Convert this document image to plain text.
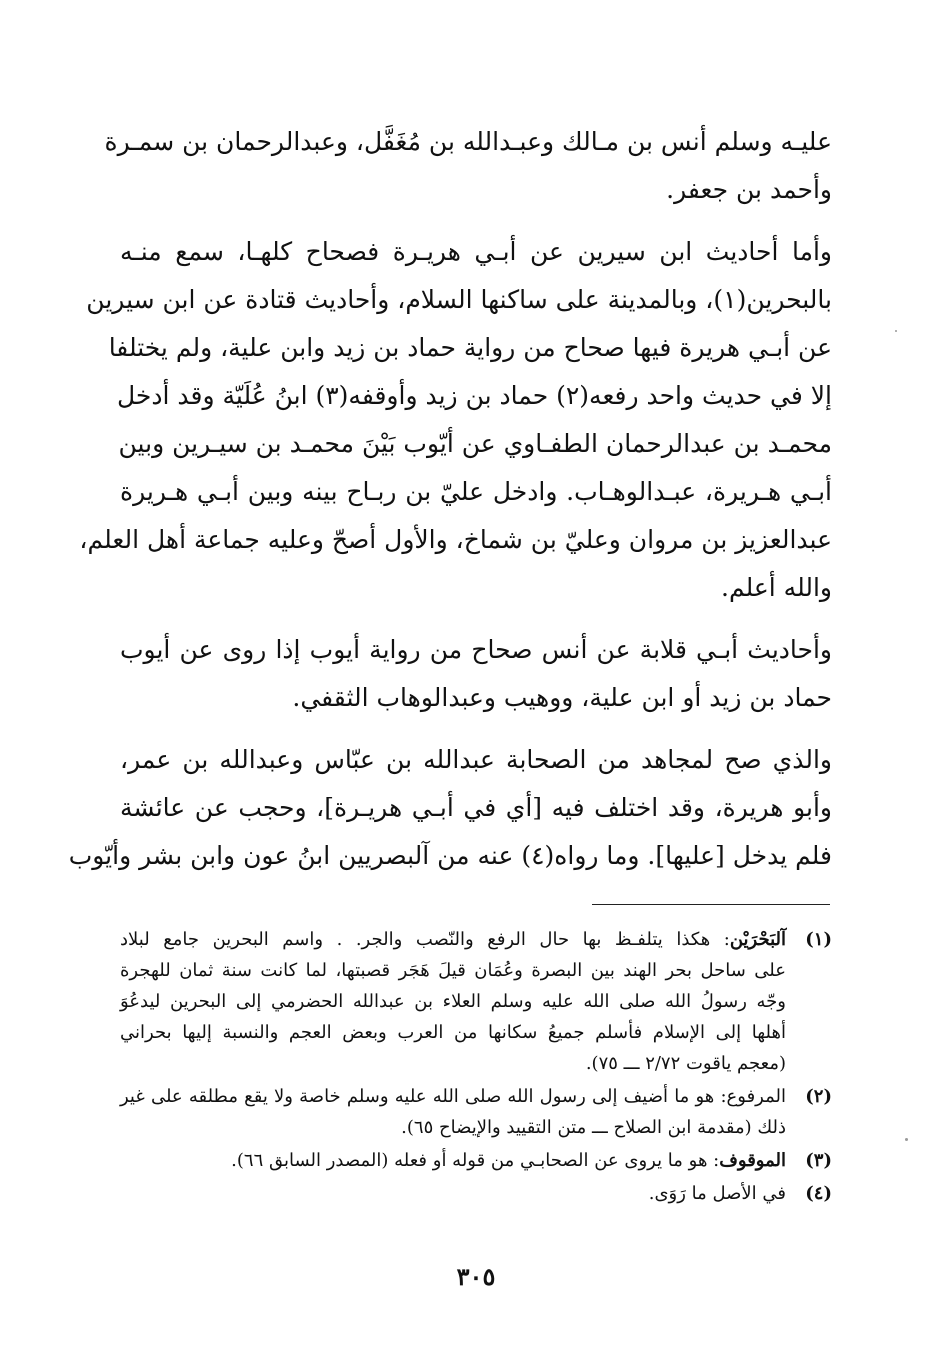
عليـه وسلم أنس بن مـالك وعبـدالله بن مُغَفَّل، وعبدالرحمان بن سمـرة
وأحمد بن جعفر.
وأما أحاديث ابن سيرين عن أبـي هريـرة فصحاح كلهـا، سمع منـه
بالبحرين(١)، وبالمدينة على ساكنها السلام، وأحاديث قتادة عن ابن سيرين
عن أبـي هريرة فيها صحاح من رواية حماد بن زيد وابن علية، ولم يختلفا
إلا في حديث واحد رفعه(٢) حماد بن زيد وأوقفه(٣) ابنُ عُلَيّة وقد أدخل
محمـد بن عبدالرحمان الطفـاوي عن أيّوب بَيْنَ محمـد بن سيـرين وبين
أبـي هـريرة، عبـدالوهـاب. وادخل عليّ بن ربـاح بينه وبين أبـي هـريرة
عبدالعزيز بن مروان وعليّ بن شماخ، والأول أصحّ وعليه جماعة أهل العلم،
والله أعلم.
وأحاديث أبـي قلابة عن أنس صحاح من رواية أيوب إذا روى عن أيوب
حماد بن زيد أو ابن علية، ووهيب وعبدالوهاب الثقفي.
والذي صح لمجاهد من الصحابة عبدالله بن عبّاس وعبدالله بن عمر،
وأبو هريرة، وقد اختلف فيه [أي في أبـي هريـرة]، وحجب عن عائشة
فلم يدخل [عليها]. وما رواه(٤) عنه من آلبصريين ابنُ عون وابن بشر وأيّوب
(١)
آلبَحْرَيْن: هكذا يتلفـظ بها حال الرفع والنّصب والجر. . واسم البحرين جامع لبلاد
على ساحل بحر الهند بين البصرة وعُمَان قيلَ هَجَر قصبتها، لما كانت سنة ثمان للهجرة
وجّه رسولُ الله صلى الله عليه وسلم العلاء بن عبدالله الحضرمي إلى البحرين ليدعُوَ
أهلها إلى الإسلام فأسلم جميعُ سكانها من العرب وبعض العجم والنسبة إليها بحراني
(معجم ياقوت ٢/٧٢ ـــ ٧٥).
(٢)
المرفوع: هو ما أضيف إلى رسول الله صلى الله عليه وسلم خاصة ولا يقع مطلقه على غير
ذلك (مقدمة ابن الصلاح ـــ متن التقييد والإيضاح ٦٥).
(٣)
الموقوف: هو ما يروى عن الصحابـي من قوله أو فعله (المصدر السابق ٦٦).
(٤)
في الأصل ما رَوَى.
٣٠٥
